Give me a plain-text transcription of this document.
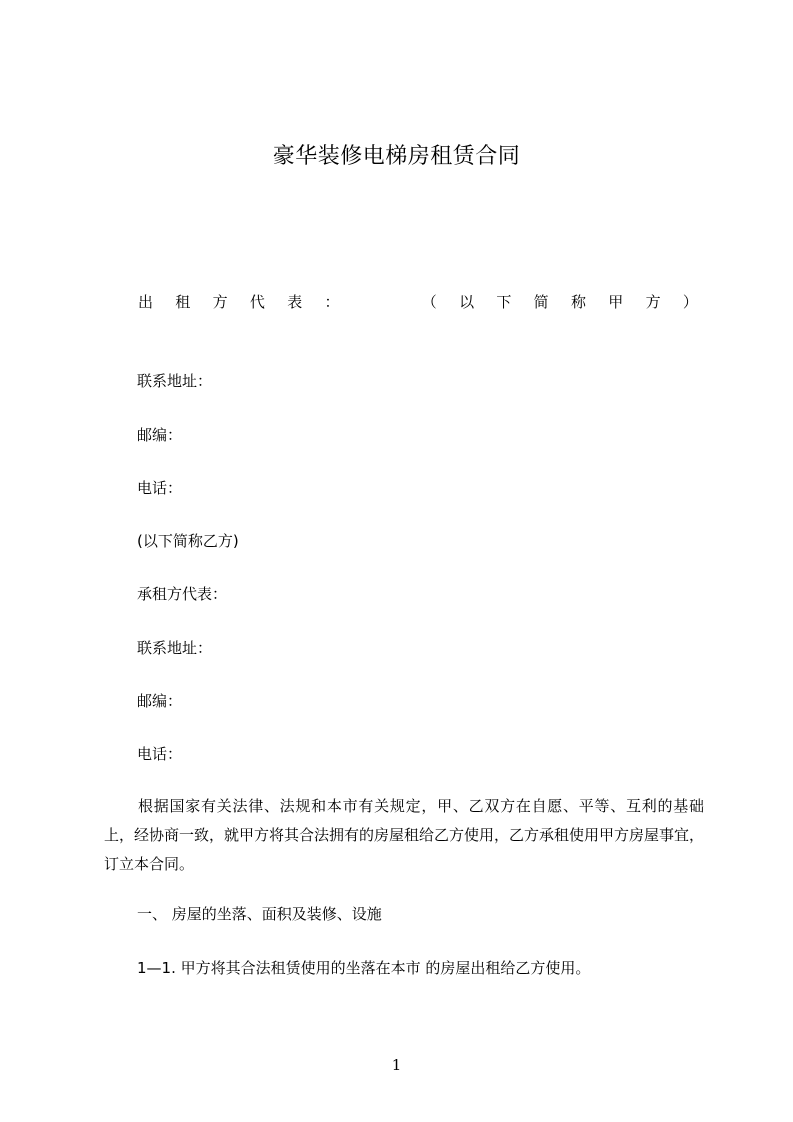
豪华装修电梯房租赁合同
出 租 方 代 表 ：	（ 以 下 简 称 甲 方 ）
联系地址：
邮编：
电话：
(以下简称乙方)
承租方代表：
联系地址：
邮编：
电话：
根据国家有关法律、法规和本市有关规定，甲、乙双方在自愿、平等、互利的基础上，经协商一致，就甲方将其合法拥有的房屋租给乙方使用，乙方承租使用甲方房屋事宜，订立本合同。
一、 房屋的坐落、面积及装修、设施
1—1. 甲方将其合法租赁使用的坐落在本市 的房屋出租给乙方使用。
1
